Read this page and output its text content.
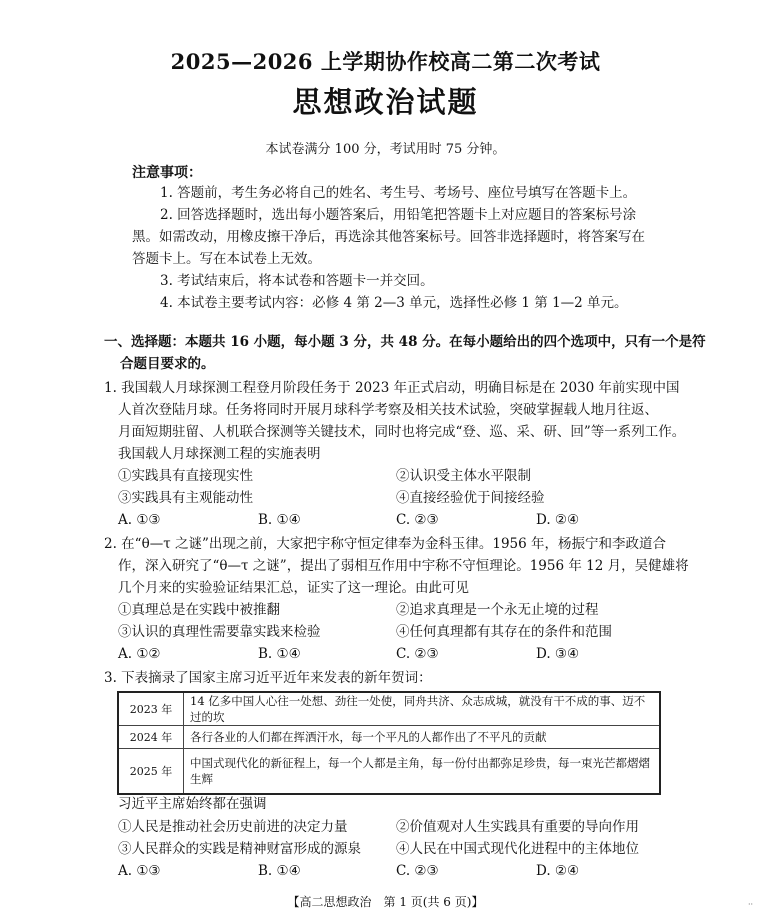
2025—2026 上学期协作校高二第二次考试
思想政治试题
本试卷满分 100 分，考试用时 75 分钟。
注意事项：
1. 答题前，考生务必将自己的姓名、考生号、考场号、座位号填写在答题卡上。
2. 回答选择题时，选出每小题答案后，用铅笔把答题卡上对应题目的答案标号涂
黑。如需改动，用橡皮擦干净后，再选涂其他答案标号。回答非选择题时，将答案写在
答题卡上。写在本试卷上无效。
3. 考试结束后，将本试卷和答题卡一并交回。
4. 本试卷主要考试内容：必修 4 第 2—3 单元，选择性必修 1 第 1—2 单元。
一、选择题：本题共 16 小题，每小题 3 分，共 48 分。在每小题给出的四个选项中，只有一个是符
合题目要求的。
1. 我国载人月球探测工程登月阶段任务于 2023 年正式启动，明确目标是在 2030 年前实现中国
人首次登陆月球。任务将同时开展月球科学考察及相关技术试验，突破掌握载人地月往返、
月面短期驻留、人机联合探测等关键技术，同时也将完成“登、巡、采、研、回”等一系列工作。
我国载人月球探测工程的实施表明
①实践具有直接现实性	②认识受主体水平限制
③实践具有主观能动性	④直接经验优于间接经验
A. ①③	B. ①④	C. ②③	D. ②④
2. 在“θ—τ 之谜”出现之前，大家把宇称守恒定律奉为金科玉律。1956 年，杨振宁和李政道合
作，深入研究了“θ—τ 之谜”，提出了弱相互作用中宇称不守恒理论。1956 年 12 月，吴健雄将
几个月来的实验验证结果汇总，证实了这一理论。由此可见
①真理总是在实践中被推翻	②追求真理是一个永无止境的过程
③认识的真理性需要靠实践来检验	④任何真理都有其存在的条件和范围
A. ①②	B. ①④	C. ②③	D. ③④
3. 下表摘录了国家主席习近平近年来发表的新年贺词：
2023 年	14 亿多中国人心往一处想、劲往一处使，同舟共济、众志成城，就没有干不成的事、迈不过的坎
2024 年	各行各业的人们都在挥洒汗水，每一个平凡的人都作出了不平凡的贡献
2025 年	中国式现代化的新征程上，每一个人都是主角，每一份付出都弥足珍贵，每一束光芒都熠熠生辉
习近平主席始终都在强调
①人民是推动社会历史前进的决定力量	②价值观对人生实践具有重要的导向作用
③人民群众的实践是精神财富形成的源泉	④人民在中国式现代化进程中的主体地位
A. ①③	B. ①④	C. ②③	D. ②④
【高二思想政治　第 1 页(共 6 页)】	··
